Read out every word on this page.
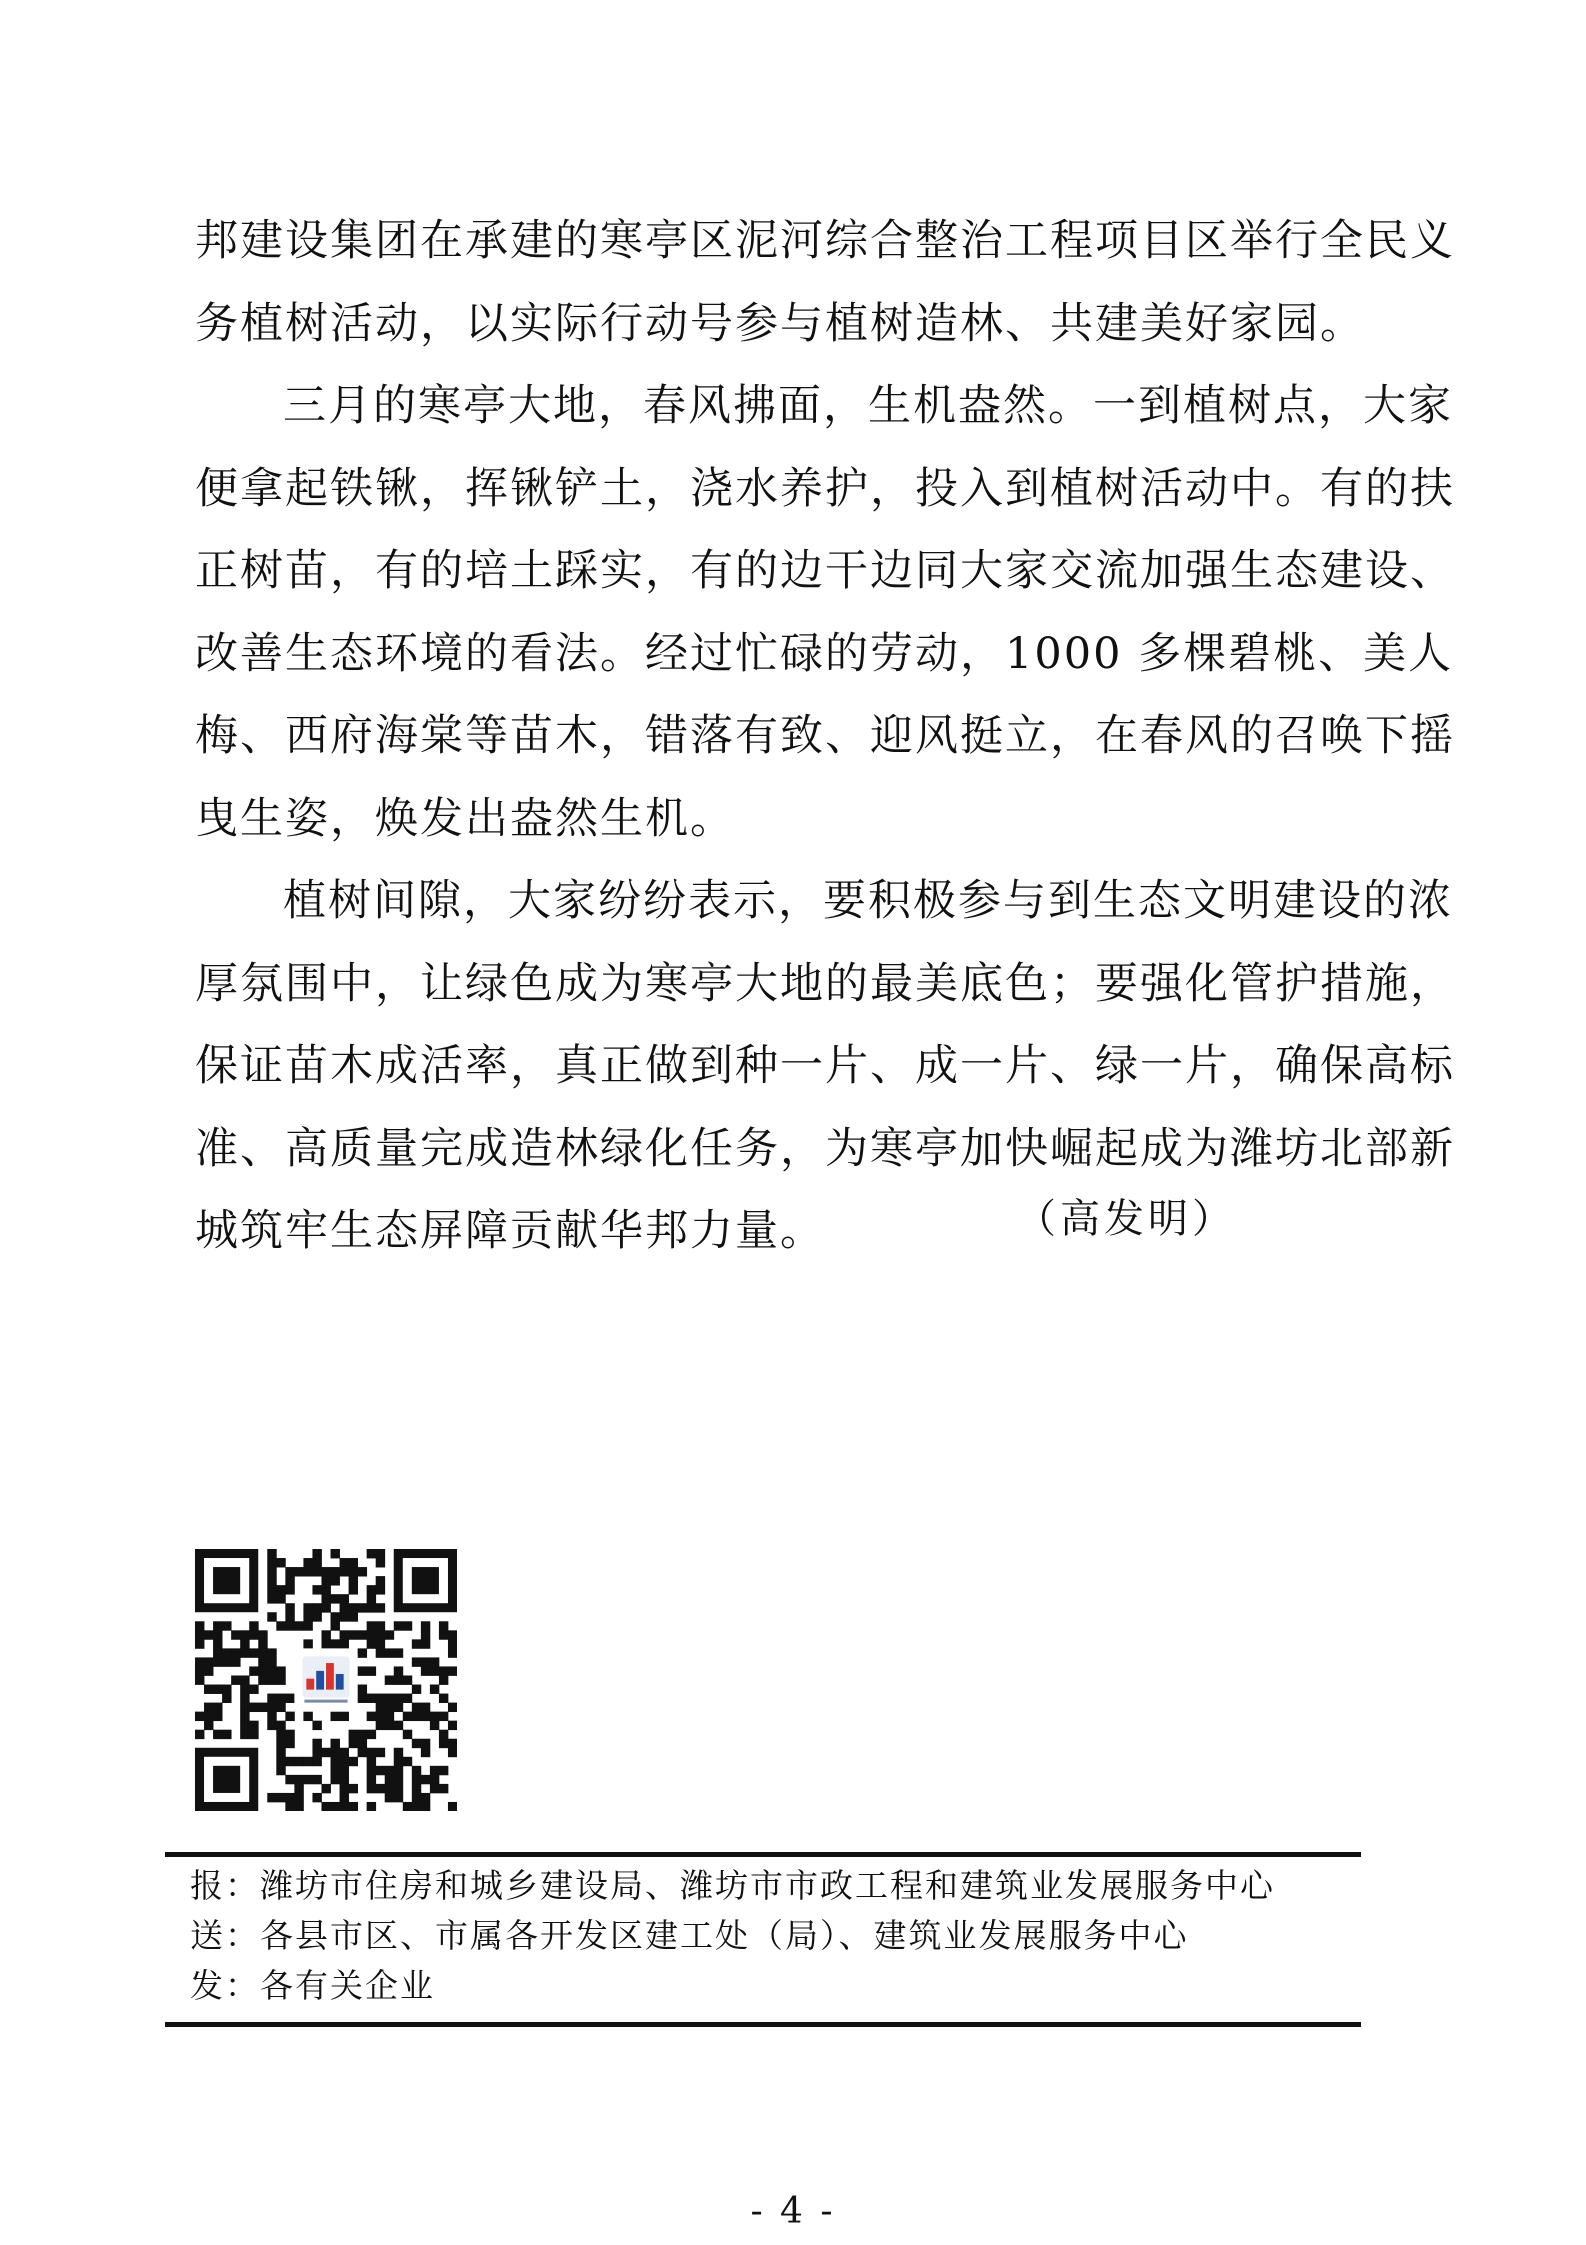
邦建设集团在承建的寒亭区泥河综合整治工程项目区举行全民义
务植树活动，以实际行动号参与植树造林、共建美好家园。
三月的寒亭大地，春风拂面，生机盎然。一到植树点，大家
便拿起铁锹，挥锹铲土，浇水养护，投入到植树活动中。有的扶
正树苗，有的培土踩实，有的边干边同大家交流加强生态建设、
改善生态环境的看法。经过忙碌的劳动，1000 多棵碧桃、美人
梅、西府海棠等苗木，错落有致、迎风挺立，在春风的召唤下摇
曳生姿，焕发出盎然生机。
植树间隙，大家纷纷表示，要积极参与到生态文明建设的浓
厚氛围中，让绿色成为寒亭大地的最美底色；要强化管护措施，
保证苗木成活率，真正做到种一片、成一片、绿一片，确保高标
准、高质量完成造林绿化任务，为寒亭加快崛起成为潍坊北部新
城筑牢生态屏障贡献华邦力量。	（高发明）
报：潍坊市住房和城乡建设局、潍坊市市政工程和建筑业发展服务中心
送：各县市区、市属各开发区建工处（局）、建筑业发展服务中心
发：各有关企业
- 4 -
